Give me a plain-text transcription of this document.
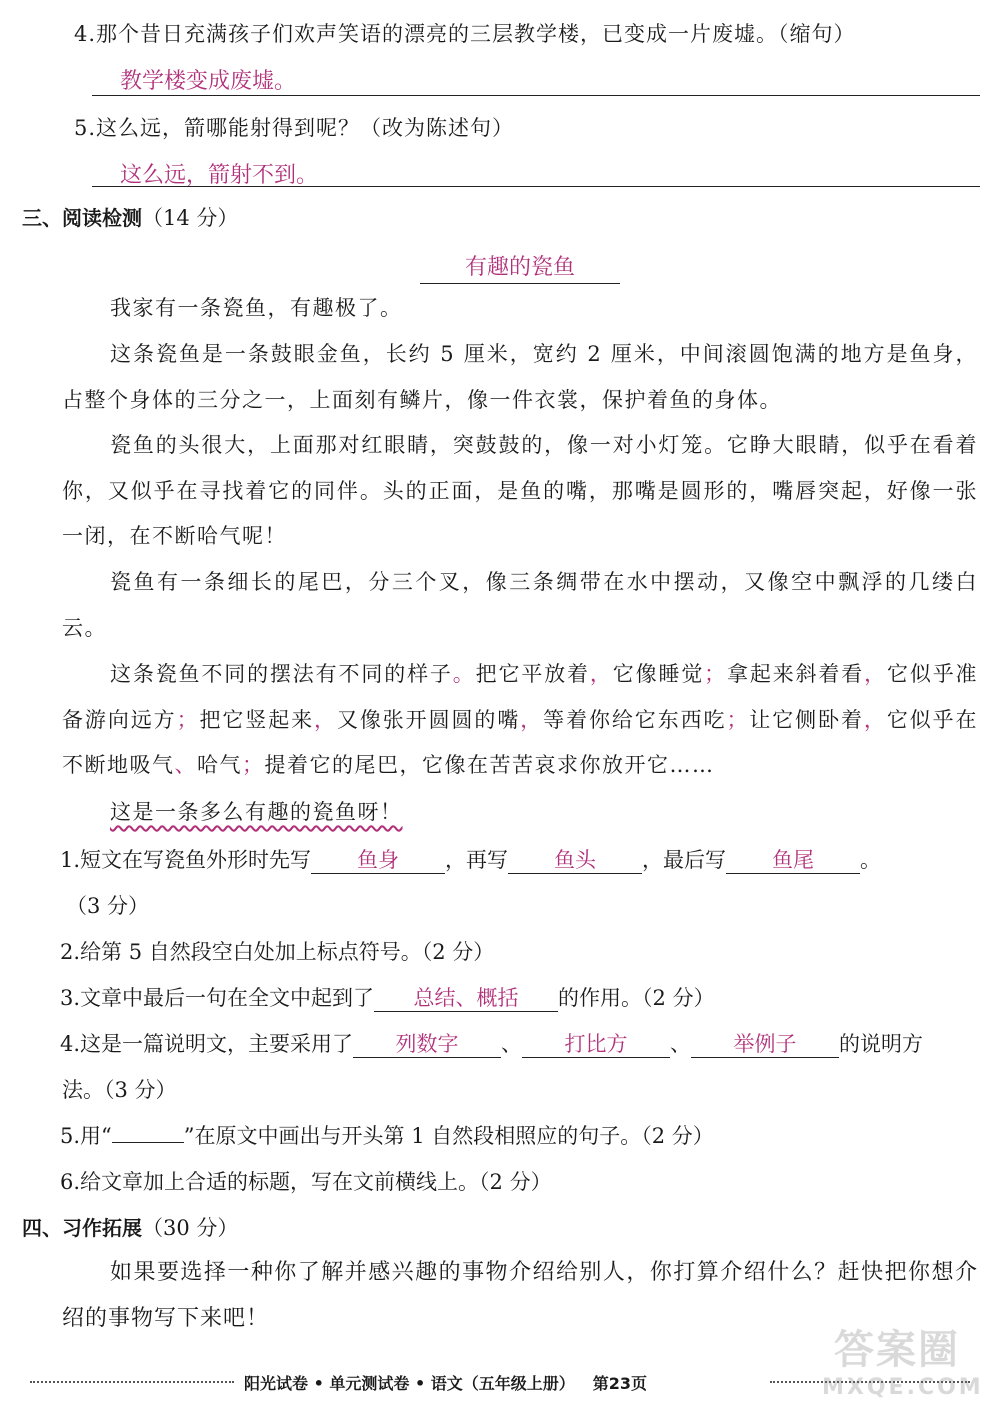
4.那个昔日充满孩子们欢声笑语的漂亮的三层教学楼，已变成一片废墟。（缩句）
教学楼变成废墟。
5.这么远，箭哪能射得到呢？（改为陈述句）
这么远，箭射不到。
三、阅读检测（14 分）
有趣的瓷鱼
我家有一条瓷鱼，有趣极了。
这条瓷鱼是一条鼓眼金鱼，长约 5 厘米，宽约 2 厘米，中间滚圆饱满的地方是鱼身，占整个身体的三分之一，上面刻有鳞片，像一件衣裳，保护着鱼的身体。
瓷鱼的头很大，上面那对红眼睛，突鼓鼓的，像一对小灯笼。它睁大眼睛，似乎在看着你，又似乎在寻找着它的同伴。头的正面，是鱼的嘴，那嘴是圆形的，嘴唇突起，好像一张一闭，在不断哈气呢！
瓷鱼有一条细长的尾巴，分三个叉，像三条绸带在水中摆动，又像空中飘浮的几缕白云。
这条瓷鱼不同的摆法有不同的样子。把它平放着，它像睡觉；拿起来斜着看，它似乎准备游向远方；把它竖起来，又像张开圆圆的嘴，等着你给它东西吃；让它侧卧着，它似乎在不断地吸气、哈气；提着它的尾巴，它像在苦苦哀求你放开它……
这是一条多么有趣的瓷鱼呀！
1.短文在写瓷鱼外形时先写 鱼身 ，再写 鱼头 ，最后写 鱼尾 。
（3 分）
2.给第 5 自然段空白处加上标点符号。（2 分）
3.文章中最后一句在全文中起到了 总结、概括 的作用。（2 分）
4.这是一篇说明文，主要采用了 列数字 、 打比方 、 举例子 的说明方
法。（3 分）
5.用“	”在原文中画出与开头第 1 自然段相照应的句子。（2 分）
6.给文章加上合适的标题，写在文前横线上。（2 分）
四、习作拓展（30 分）
如果要选择一种你了解并感兴趣的事物介绍给别人，你打算介绍什么？赶快把你想介绍的事物写下来吧！
阳光试卷 • 单元测试卷 • 语文（五年级上册） 第23页
答案圈
MXQE.COM
